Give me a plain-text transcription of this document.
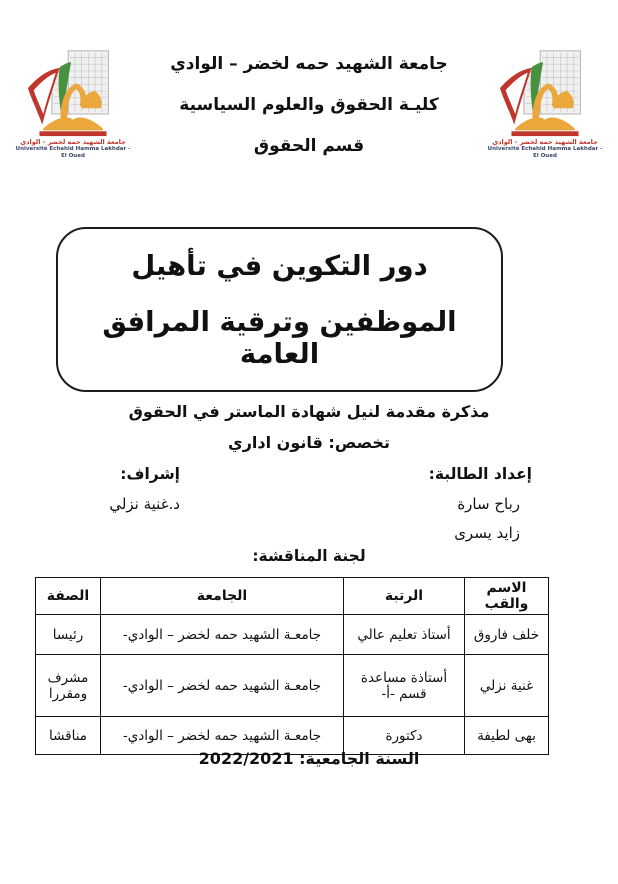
جامعة الشهيد حمه لخضر - الوادي
Université Echahid Hamma Lakhdar - El Oued
جامعة الشهيد حمه لخضر - الوادي
Université Echahid Hamma Lakhdar - El Oued
جامعة الشهيد حمه لخضر – الوادي
كليـة الحقوق والعلوم السياسية
قسم الحقوق
دور التكوين في تأهيل
الموظفين وترقية المرافق العامة
مذكرة مقدمة لنيل شهادة الماستر في الحقوق
تخصص: قانون اداري
إعداد الطالبة:
رباح سارة
زايد يسرى
إشراف:
د.غنية نزلي
لجنة المناقشة:
الاسم والقب	الرتبة	الجامعة	الصفة
خلف فاروق	أستاذ تعليم عالي	جامعـة الشهيد حمه لخضر – الوادي-	رئيسا
غنية نزلي	أستاذة مساعدة قسم -أ-	جامعـة الشهيد حمه لخضر – الوادي-	مشرف ومقررا
بهى لطيفة	دكتورة	جامعـة الشهيد حمه لخضر – الوادي-	مناقشا
السنة الجامعية: 2022/2021
